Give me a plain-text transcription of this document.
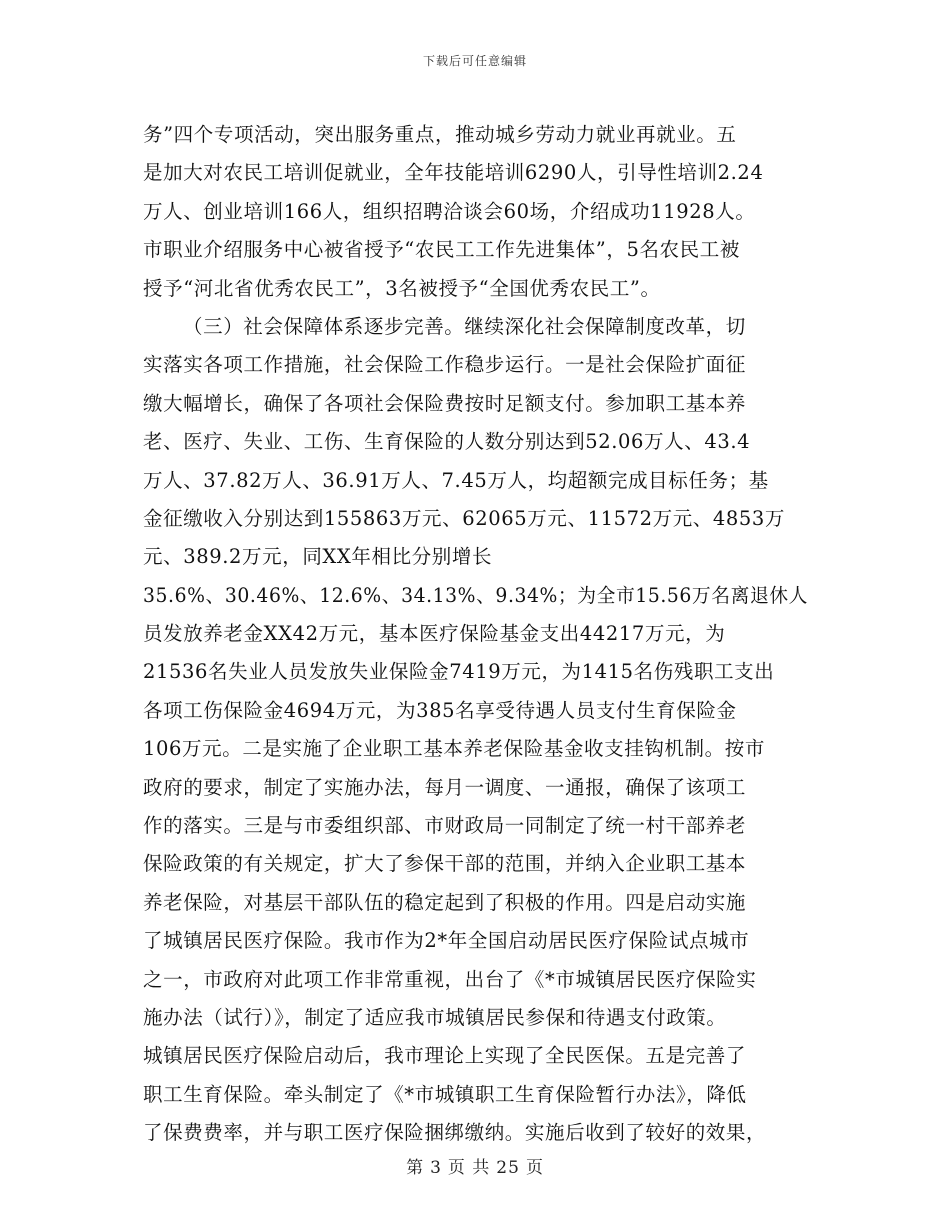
下载后可任意编辑
务”四个专项活动，突出服务重点，推动城乡劳动力就业再就业。五
是加大对农民工培训促就业，全年技能培训6290人，引导性培训2.24
万人、创业培训166人，组织招聘洽谈会60场，介绍成功11928人。
市职业介绍服务中心被省授予“农民工工作先进集体”，5名农民工被
授予“河北省优秀农民工”，3名被授予“全国优秀农民工”。
（三）社会保障体系逐步完善。继续深化社会保障制度改革，切
实落实各项工作措施，社会保险工作稳步运行。一是社会保险扩面征
缴大幅增长，确保了各项社会保险费按时足额支付。参加职工基本养
老、医疗、失业、工伤、生育保险的人数分别达到52.06万人、43.4
万人、37.82万人、36.91万人、7.45万人，均超额完成目标任务；基
金征缴收入分别达到155863万元、62065万元、11572万元、4853万
元、389.2万元，同XX年相比分别增长
35.6%、30.46%、12.6%、34.13%、9.34%；为全市15.56万名离退休人
员发放养老金XX42万元，基本医疗保险基金支出44217万元，为
21536名失业人员发放失业保险金7419万元，为1415名伤残职工支出
各项工伤保险金4694万元，为385名享受待遇人员支付生育保险金
106万元。二是实施了企业职工基本养老保险基金收支挂钩机制。按市
政府的要求，制定了实施办法，每月一调度、一通报，确保了该项工
作的落实。三是与市委组织部、市财政局一同制定了统一村干部养老
保险政策的有关规定，扩大了参保干部的范围，并纳入企业职工基本
养老保险，对基层干部队伍的稳定起到了积极的作用。四是启动实施
了城镇居民医疗保险。我市作为2*年全国启动居民医疗保险试点城市
之一，市政府对此项工作非常重视，出台了《*市城镇居民医疗保险实
施办法（试行）》，制定了适应我市城镇居民参保和待遇支付政策。
城镇居民医疗保险启动后，我市理论上实现了全民医保。五是完善了
职工生育保险。牵头制定了《*市城镇职工生育保险暂行办法》，降低
了保费费率，并与职工医疗保险捆绑缴纳。实施后收到了较好的效果，
第 3 页 共 25 页
